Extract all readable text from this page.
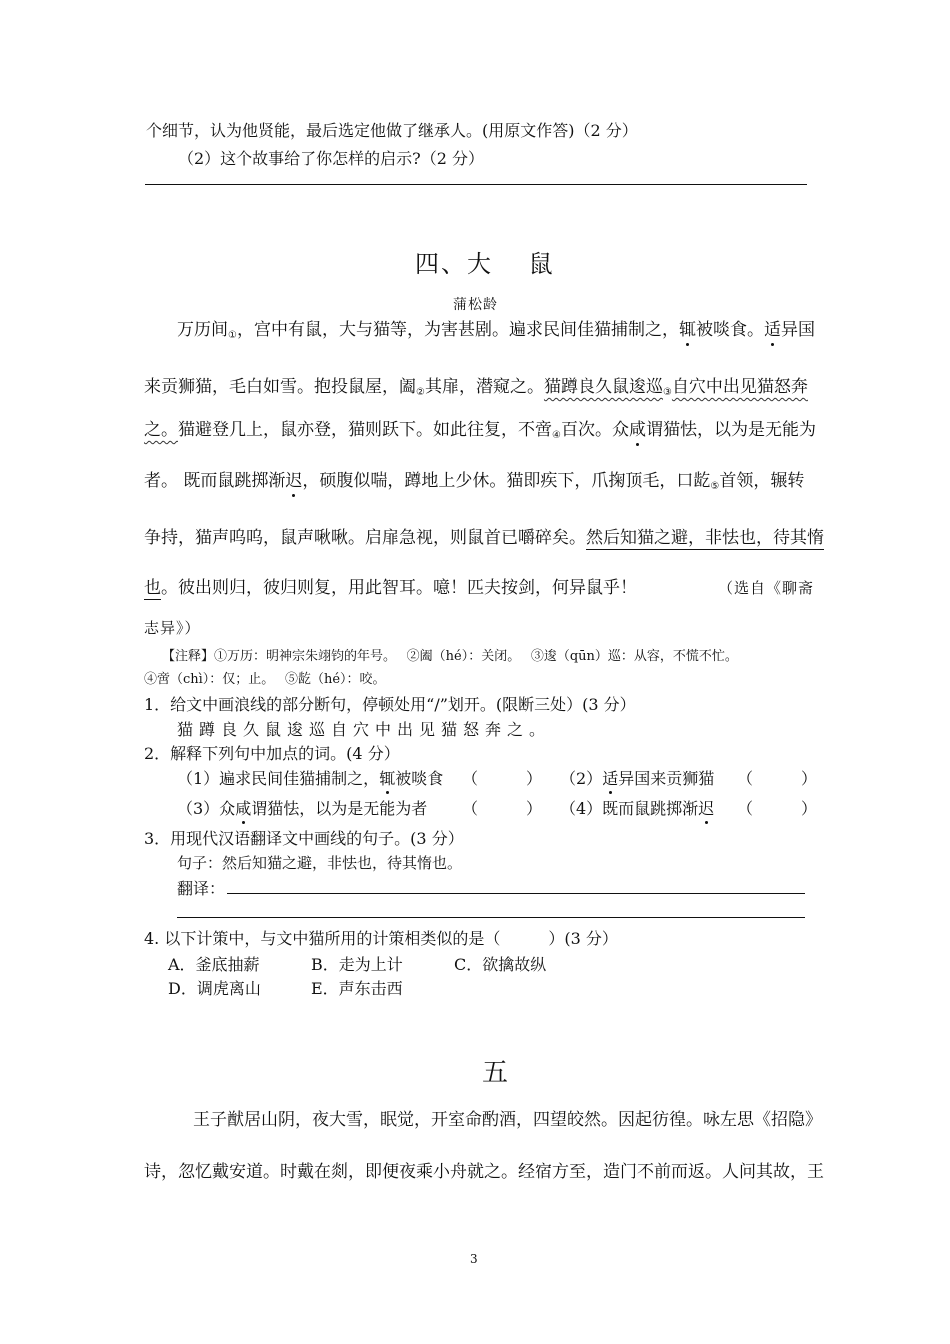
个细节，认为他贤能，最后选定他做了继承人。(用原文作答)（2 分）
（2）这个故事给了你怎样的启示?（2 分）
四、大　 鼠
蒲松龄
万历间$_①$，宫中有鼠，大与猫等，为害甚剧。遍求民间佳猫捕制之，辄被啖食。适异国
来贡狮猫，毛白如雪。抱投鼠屋，阖$_②$其扉，潜窥之。猫蹲良久鼠逡巡$_③$自穴中出见猫怒奔
之。猫避登几上，鼠亦登，猫则跃下。如此往复，不啻$_④$百次。众咸谓猫怯，以为是无能为
者。 既而鼠跳掷渐迟，硕腹似喘，蹲地上少休。猫即疾下，爪掬顶毛，口龁$_⑤$首领，辗转
争持，猫声呜呜，鼠声啾啾。启扉急视，则鼠首已嚼碎矣。然后知猫之避，非怯也，待其惰
也。彼出则归，彼归则复，用此智耳。噫！匹夫按剑，何异鼠乎！	（选自《聊斋
志异》）
【注释】①万历：明神宗朱翊钧的年号。　 ②阖（hé）：关闭。　 ③逡（qūn）巡：从容，不慌不忙。
④啻（chì）：仅；止。　 ⑤龁（hé）：咬。
1．给文中画浪线的部分断句，停顿处用“/”划开。(限断三处）(3 分）
猫蹲良久鼠逡巡自穴中出见猫怒奔之。
2．解释下列句中加点的词。(4 分）
（1）遍求民间佳猫捕制之，辄被啖食 （　　　） （2）适异国来贡狮猫 （　　　）
（3）众咸谓猫怯，以为是无能为者 （　　　） （4）既而鼠跳掷渐迟 （　　　）
3．用现代汉语翻译文中画线的句子。(3 分）
句子：然后知猫之避，非怯也，待其惰也。
翻译：
4. 以下计策中，与文中猫所用的计策相类似的是（　　　）(3 分）
A．釜底抽薪	B．走为上计	C．欲擒故纵
D．调虎离山	E．声东击西
五
王子猷居山阴，夜大雪，眠觉，开室命酌酒，四望皎然。因起彷徨。咏左思《招隐》
诗，忽忆戴安道。时戴在剡，即便夜乘小舟就之。经宿方至，造门不前而返。人问其故，王
3
